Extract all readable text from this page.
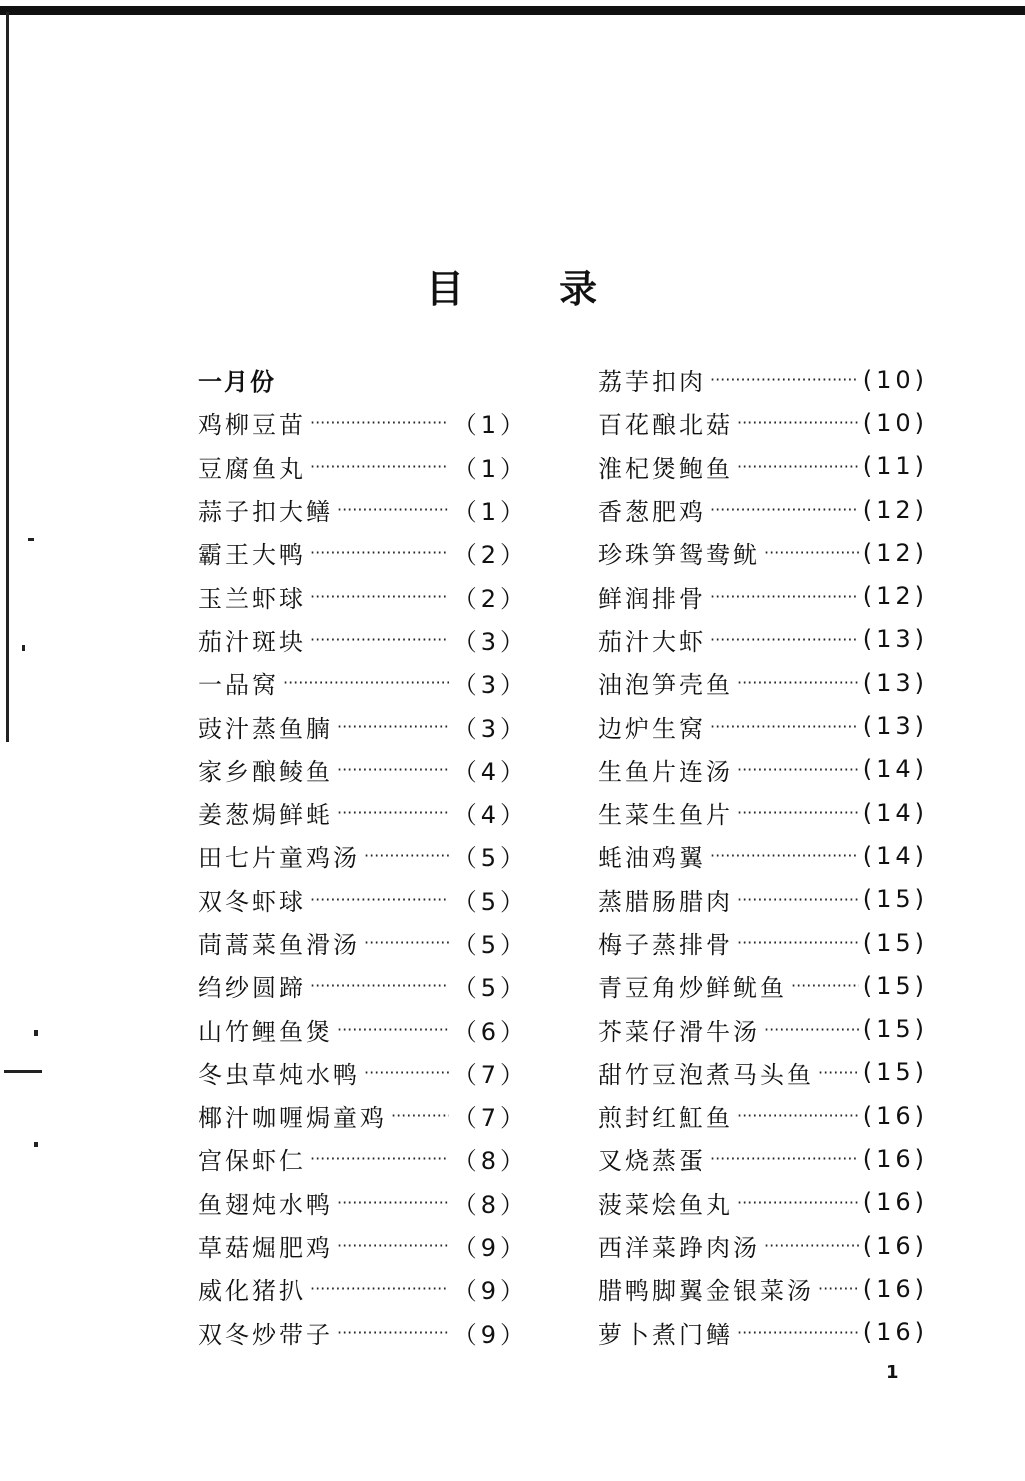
目 录
一月份
鸡柳豆苗 ·····	（1）
豆腐鱼丸 ·····	（1）
蒜子扣大鳝 ·····	（1）
霸王大鸭 ·····	（2）
玉兰虾球 ·····	（2）
茄汁斑块 ·····	（3）
一品窝 ·····	（3）
豉汁蒸鱼腩 ·····	（3）
家乡酿鲮鱼 ·····	（4）
姜葱焗鲜蚝 ·····	（4）
田七片童鸡汤 ·····	（5）
双冬虾球 ·····	（5）
茼蒿菜鱼滑汤 ·····	（5）
绉纱圆蹄 ·····	（5）
山竹鲤鱼煲 ·····	（6）
冬虫草炖水鸭 ·····	（7）
椰汁咖喱焗童鸡 ·····	（7）
宫保虾仁 ·····	（8）
鱼翅炖水鸭 ·····	（8）
草菇煀肥鸡 ·····	（9）
威化猪扒 ·····	（9）
双冬炒带子 ·····	（9）
荔芋扣肉 ·····	(10)
百花酿北菇 ·····	(10)
淮杞煲鲍鱼 ·····	(11)
香葱肥鸡 ·····	(12)
珍珠笋鸳鸯鱿 ·····	(12)
鲜润排骨 ·····	(12)
茄汁大虾 ·····	(13)
油泡笋壳鱼 ·····	(13)
边炉生窝 ·····	(13)
生鱼片连汤 ·····	(14)
生菜生鱼片 ·····	(14)
蚝油鸡翼 ·····	(14)
蒸腊肠腊肉 ·····	(15)
梅子蒸排骨 ·····	(15)
青豆角炒鲜鱿鱼 ·····	(15)
芥菜仔滑牛汤 ·····	(15)
甜竹豆泡煮马头鱼 ····· (15)
煎封红魟鱼 ·····	(16)
叉烧蒸蛋 ·····	(16)
菠菜烩鱼丸 ·····	(16)
西洋菜踭肉汤 ·····	(16)
腊鸭脚翼金银菜汤 ····· (16)
萝卜煮门鳝 ·····	(16)
1
